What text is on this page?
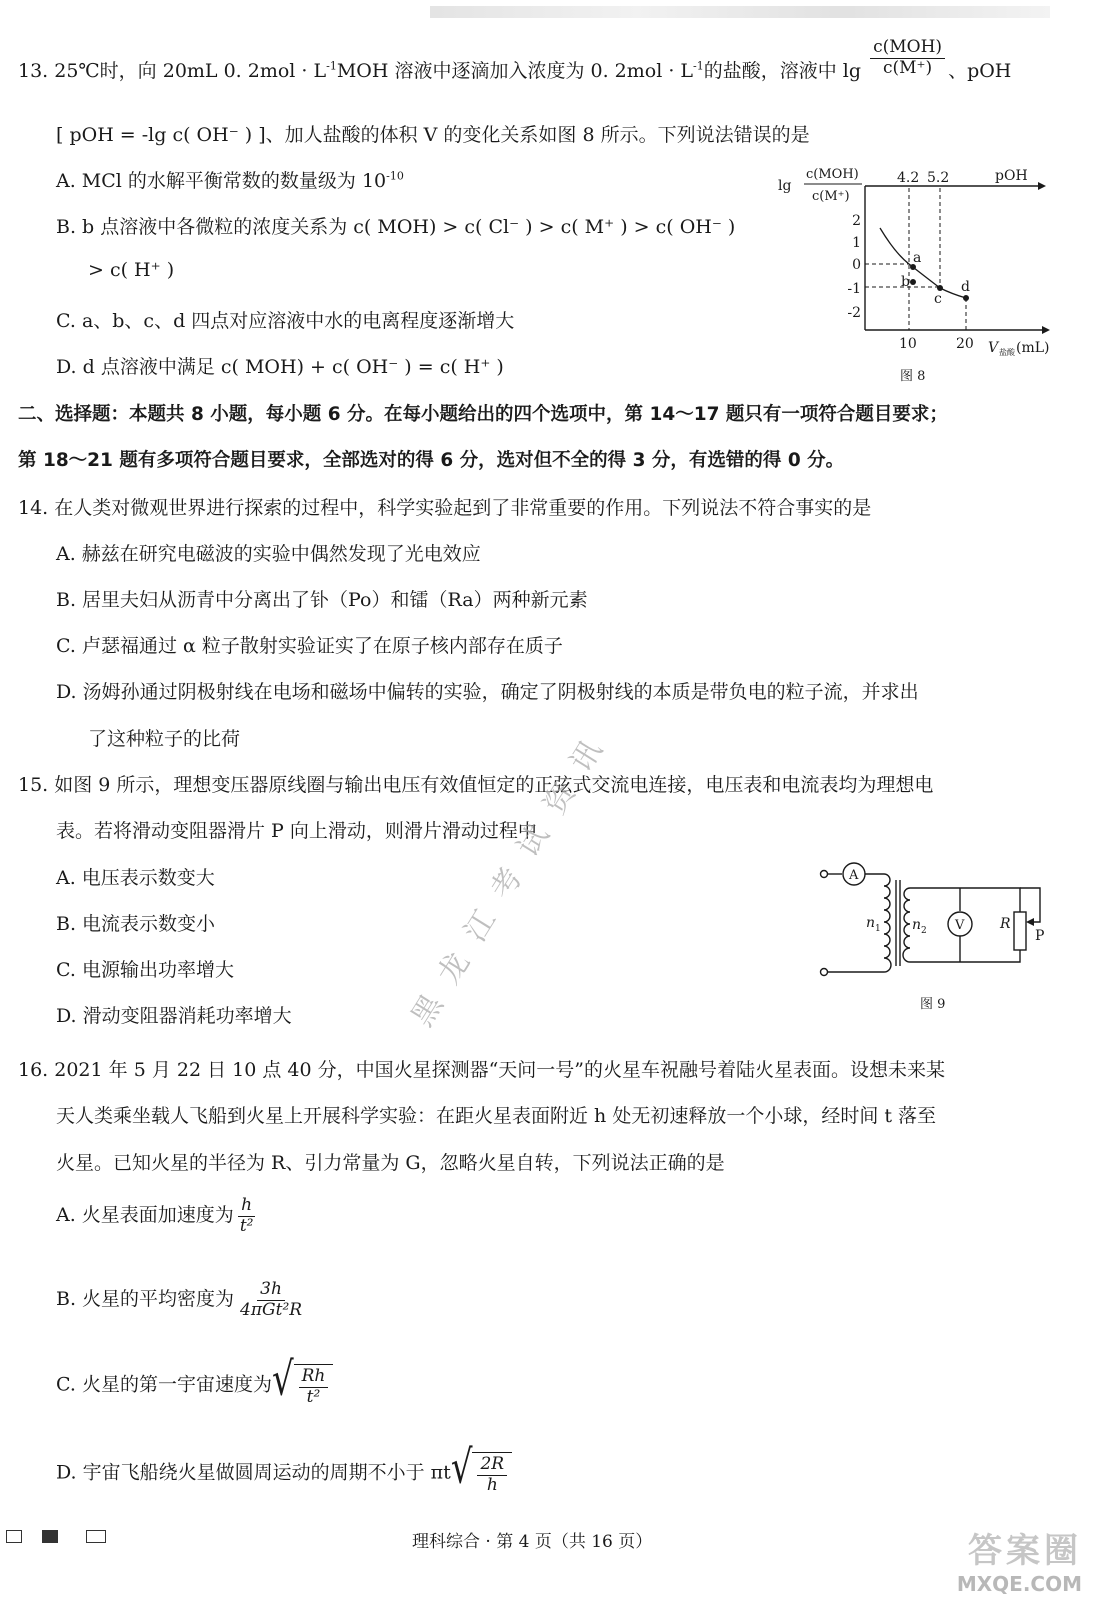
13. 25℃时，向 20mL 0. $2mol \cdot L^{-1}MOH$ 溶液中逐滴加入浓度为 0. $2mol \cdot L^{-1}$的盐酸，溶液中 $\lg \frac{\text{c(MOH)}}{c(M^+)}$ 、pOH
[ pOH = -lg c( OH⁻ ) ]、加人盐酸的体积 V 的变化关系如图 8 所示。下列说法错误的是
A. MCl 的水解平衡常数的数量级为 $10^{-10}$
B. b 点溶液中各微粒的浓度关系为 c( MOH) > c( Cl⁻ ) > c( M⁺ ) > c( OH⁻ )
> c( H⁺ )
C. a、b、c、d 四点对应溶液中水的电离程度逐渐增大
D. d 点溶液中满足 c( MOH) + c( OH⁻ ) = c( H⁺ )
lg
c(MOH)
c(M⁺)
4.2 5.2	pOH
2
1
0
-1
-2
a
b
c
d
10	20 V 盐酸 (mL)
图 8
二、选择题：本题共 8 小题，每小题 6 分。在每小题给出的四个选项中，第 14～17 题只有一项符合题目要求；
第 18～21 题有多项符合题目要求，全部选对的得 6 分，选对但不全的得 3 分，有选错的得 0 分。
14. 在人类对微观世界进行探索的过程中，科学实验起到了非常重要的作用。下列说法不符合事实的是
A. 赫兹在研究电磁波的实验中偶然发现了光电效应
B. 居里夫妇从沥青中分离出了钋（Po）和镭（Ra）两种新元素
C. 卢瑟福通过 α 粒子散射实验证实了在原子核内部存在质子
D. 汤姆孙通过阴极射线在电场和磁场中偏转的实验，确定了阴极射线的本质是带负电的粒子流，并求出
了这种粒子的比荷
15. 如图 9 所示，理想变压器原线圈与输出电压有效值恒定的正弦式交流电连接，电压表和电流表均为理想电
表。若将滑动变阻器滑片 P 向上滑动，则滑片滑动过程中
A. 电压表示数变大
B. 电流表示数变小
C. 电源输出功率增大
D. 滑动变阻器消耗功率增大
A
V
n 1 n 2	R
P
图 9
16. 2021 年 5 月 22 日 10 点 40 分，中国火星探测器“天问一号”的火星车祝融号着陆火星表面。设想未来某
天人类乘坐载人飞船到火星上开展科学实验：在距火星表面附近 h 处无初速释放一个小球，经时间 t 落至
火星。已知火星的半径为 R、引力常量为 G，忽略火星自转，下列说法正确的是
A. 火星表面加速度为 $\frac{h}{\text{t²}}$
B. 火星的平均密度为 $\frac{3h}{\text{4πGt²R}}$
C. 火星的第一宇宙速度为 √ $\frac{Rh}{\text{t²}}$
D. 宇宙飞船绕火星做圆周运动的周期不小于 πt √ $\frac{2R}{h}$
黑龙江考试资讯
理科综合 · 第 4 页（共 16 页）	答案圈
MXQE.COM
